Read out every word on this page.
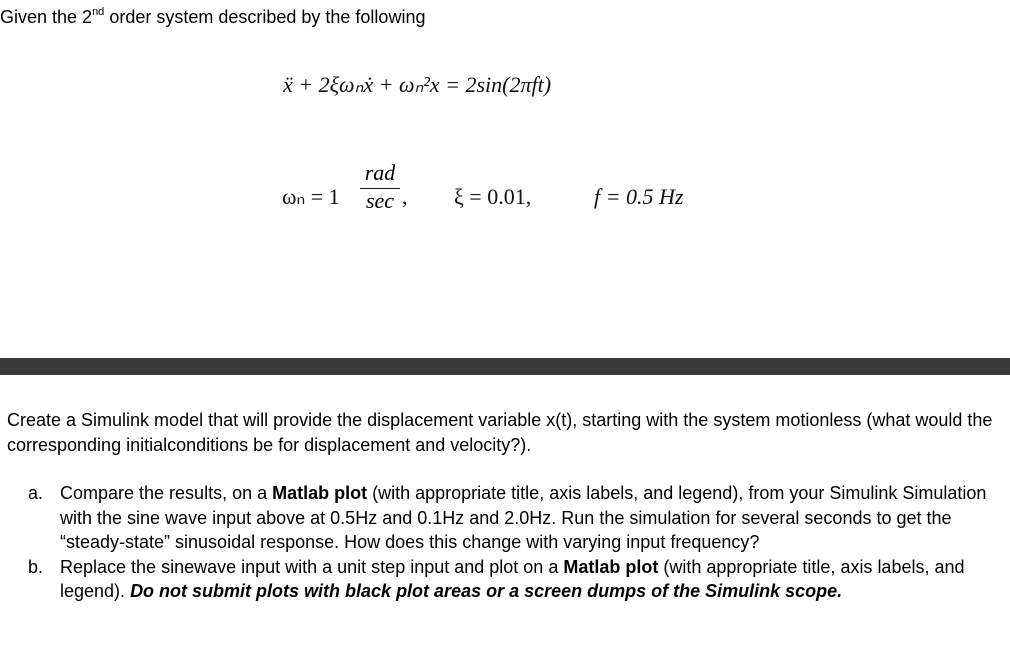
Given the 2nd order system described by the following
ẍ + 2ξωₙẋ + ωₙ²x = 2sin(2πft)
ωₙ = 1
rad
sec , ξ = 0.01,	f = 0.5 Hz
Create a Simulink model that will provide the displacement variable x(t), starting with the system motionless (what would the corresponding initialconditions be for displacement and velocity?).
a. Compare the results, on a Matlab plot (with appropriate title, axis labels, and legend), from your Simulink Simulation with the sine wave input above at 0.5Hz and 0.1Hz and 2.0Hz. Run the simulation for several seconds to get the “steady-state” sinusoidal response. How does this change with varying input frequency?
b. Replace the sinewave input with a unit step input and plot on a Matlab plot (with appropriate title, axis labels, and legend). Do not submit plots with black plot areas or a screen dumps of the Simulink scope.
